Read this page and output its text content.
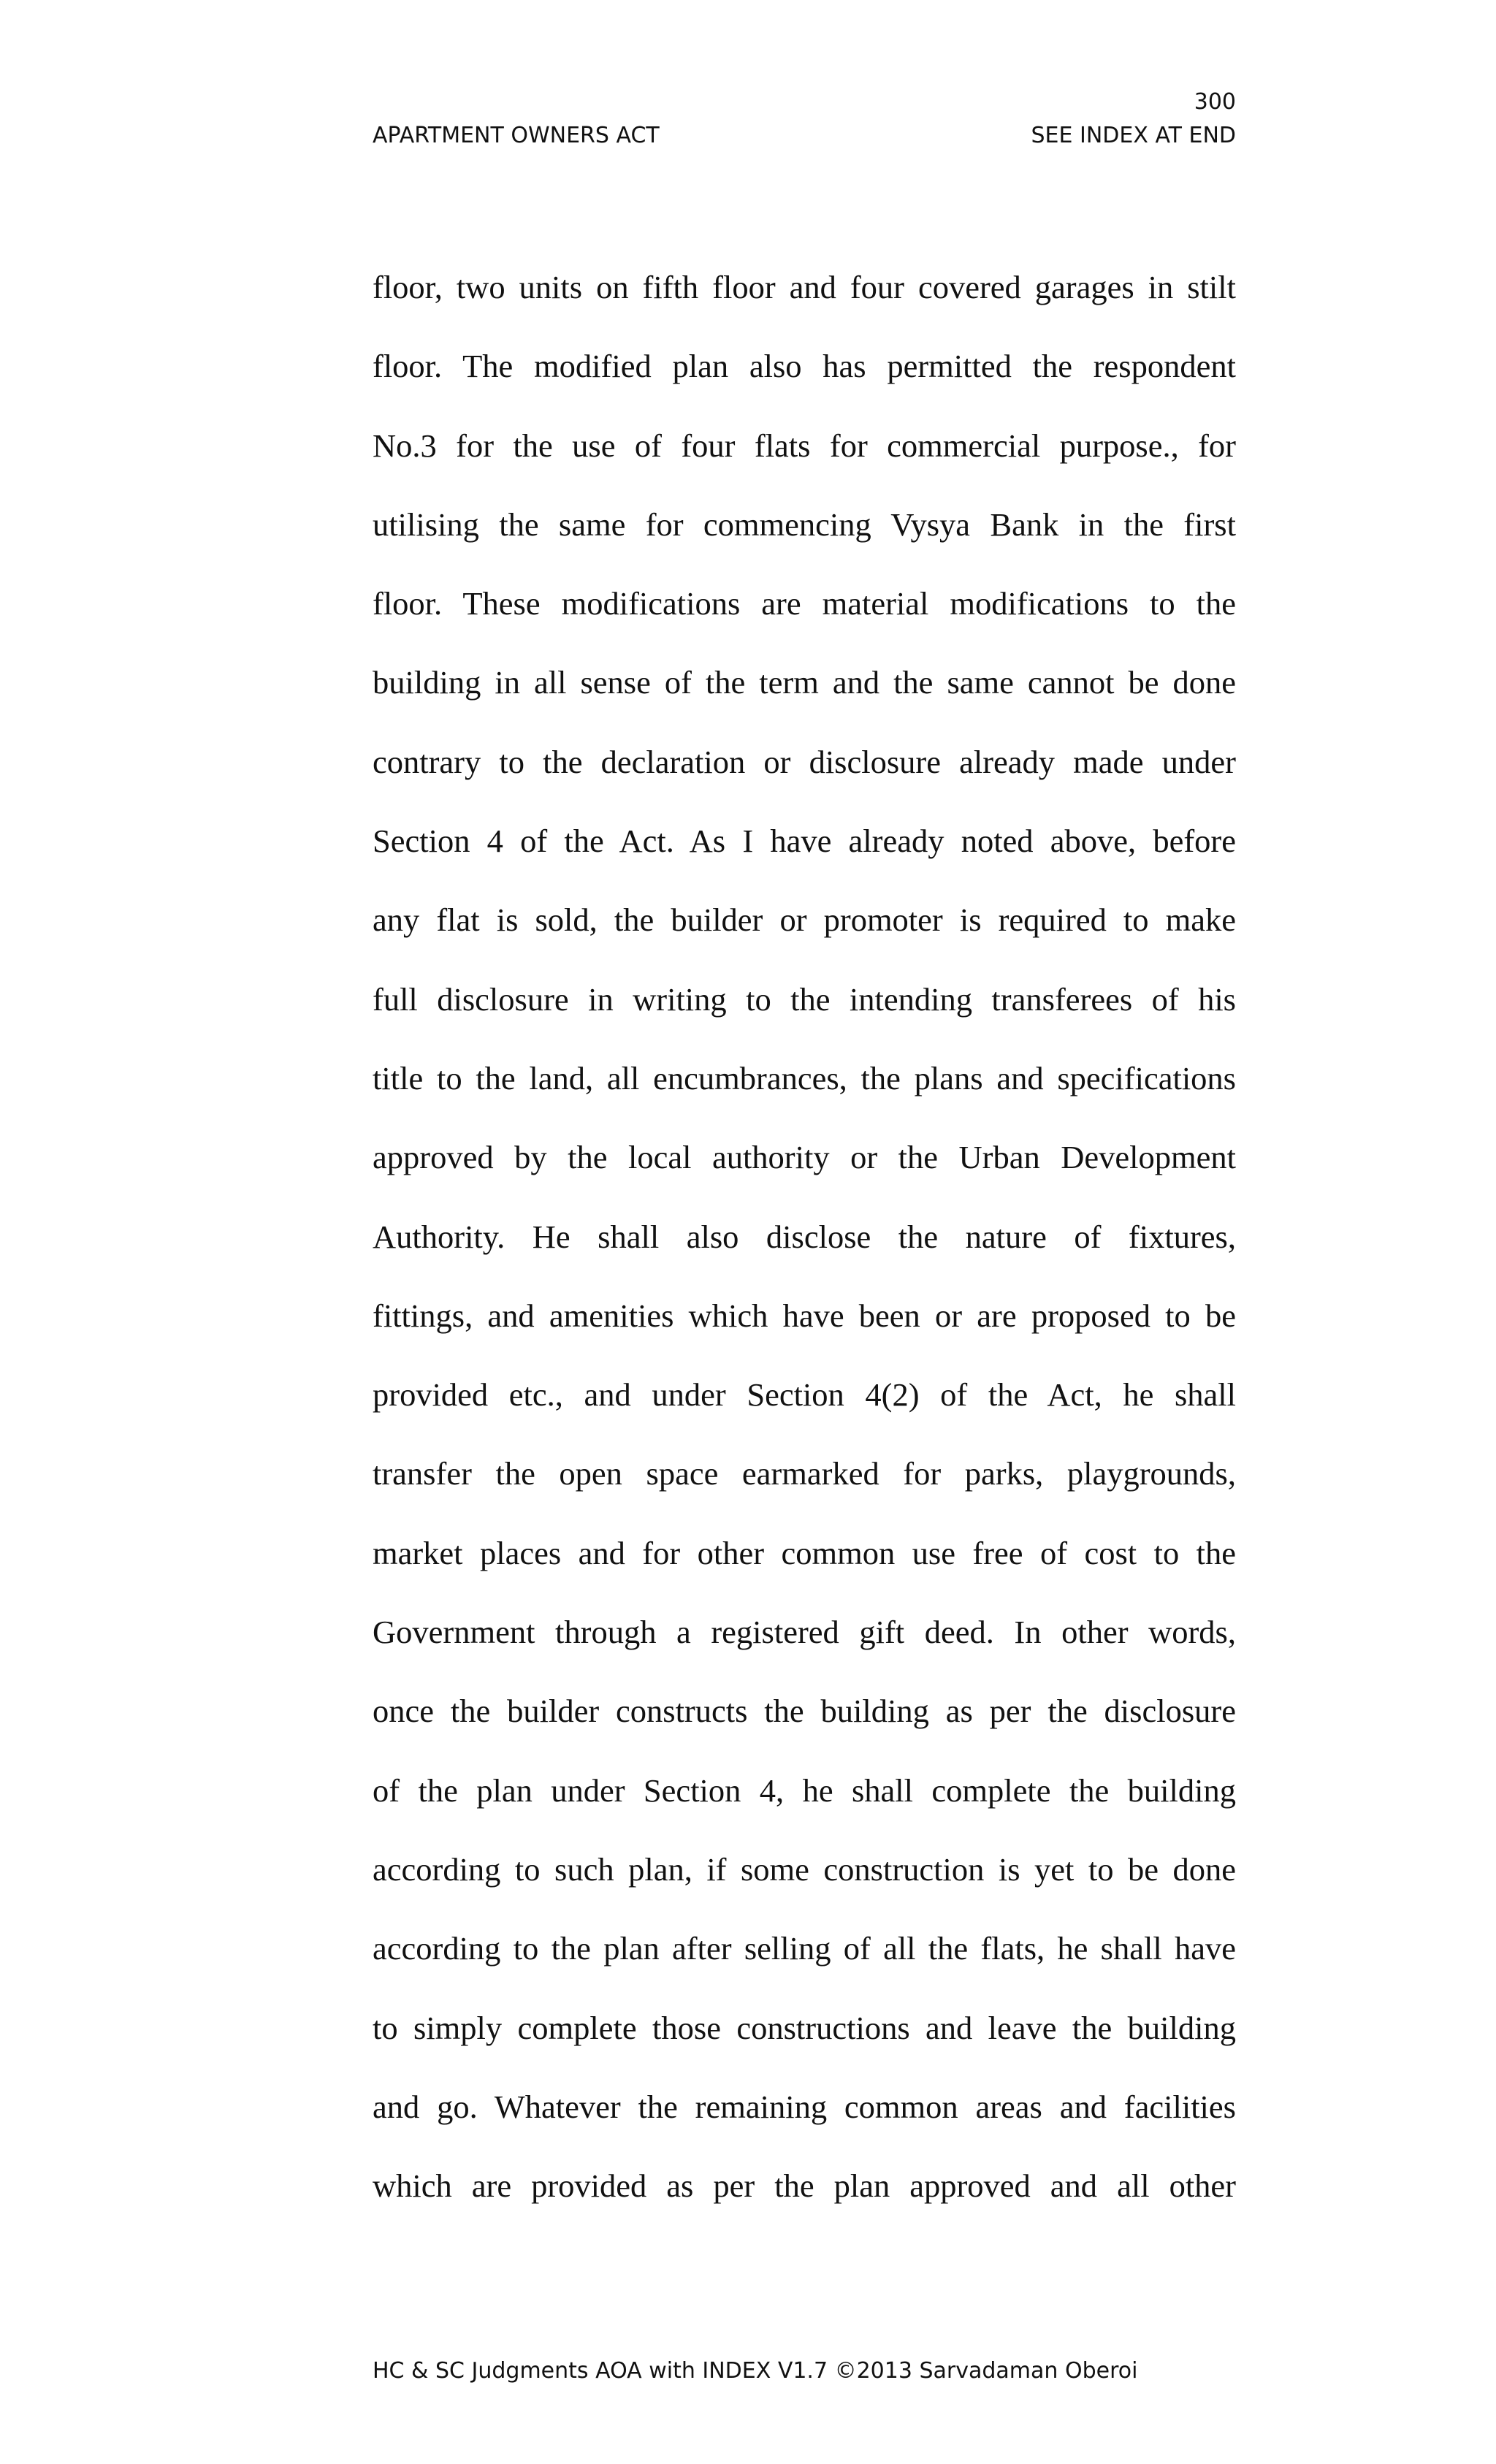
300
APARTMENT OWNERS ACT	SEE INDEX AT END
floor, two units on fifth floor and four covered garages in stilt
floor. The modified plan also has permitted the respondent
No.3 for the use of four flats for commercial purpose., for
utilising the same for commencing Vysya Bank in the first
floor. These modifications are material modifications to the
building in all sense of the term and the same cannot be done
contrary to the declaration or disclosure already made under
Section 4 of the Act. As I have already noted above, before
any flat is sold, the builder or promoter is required to make
full disclosure in writing to the intending transferees of his
title to the land, all encumbrances, the plans and specifications
approved by the local authority or the Urban Development
Authority. He shall also disclose the nature of fixtures,
fittings, and amenities which have been or are proposed to be
provided etc., and under Section 4(2) of the Act, he shall
transfer the open space earmarked for parks, playgrounds,
market places and for other common use free of cost to the
Government through a registered gift deed. In other words,
once the builder constructs the building as per the disclosure
of the plan under Section 4, he shall complete the building
according to such plan, if some construction is yet to be done
according to the plan after selling of all the flats, he shall have
to simply complete those constructions and leave the building
and go. Whatever the remaining common areas and facilities
which are provided as per the plan approved and all other
HC & SC Judgments AOA with INDEX V1.7 ©2013 Sarvadaman Oberoi
